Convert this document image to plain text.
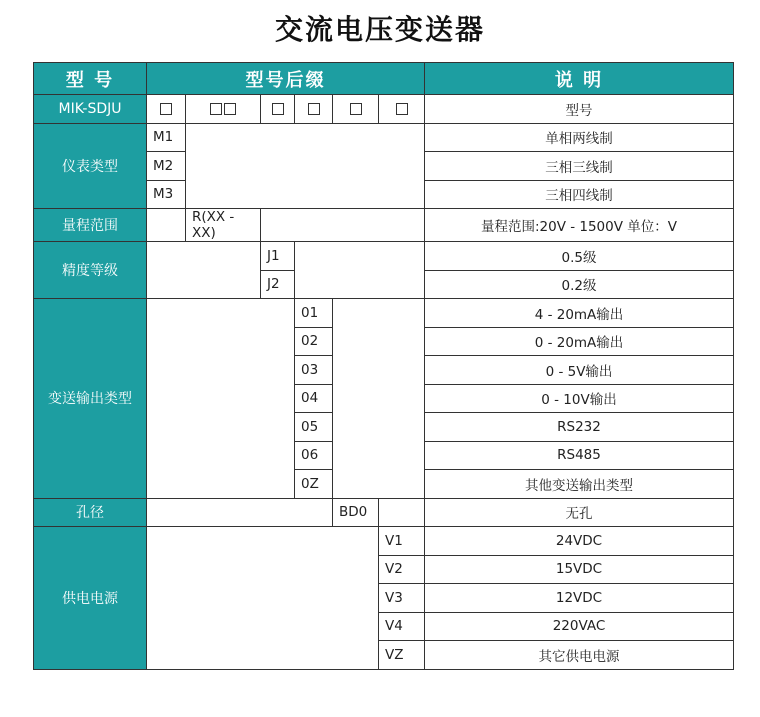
交流电压变送器
型 号	型号后缀						说 明
MIK-SDJU							型号
仪表类型	M1						单相两线制
	M2						三相三线制
	M3						三相四线制
量程范围		R(XX - XX)					量程范围:20V - 1500V 单位：V
精度等级			J1				0.5级
			J2				0.2级
变送输出类型				01			4 - 20mA输出
				02			0 - 20mA输出
				03			0 - 5V输出
				04			0 - 10V输出
				05			RS232
				06			RS485
				0Z			其他变送输出类型
孔径					BD0		无孔
供电电源						V1	24VDC
						V2	15VDC
						V3	12VDC
						V4	220VAC
						VZ	其它供电电源
